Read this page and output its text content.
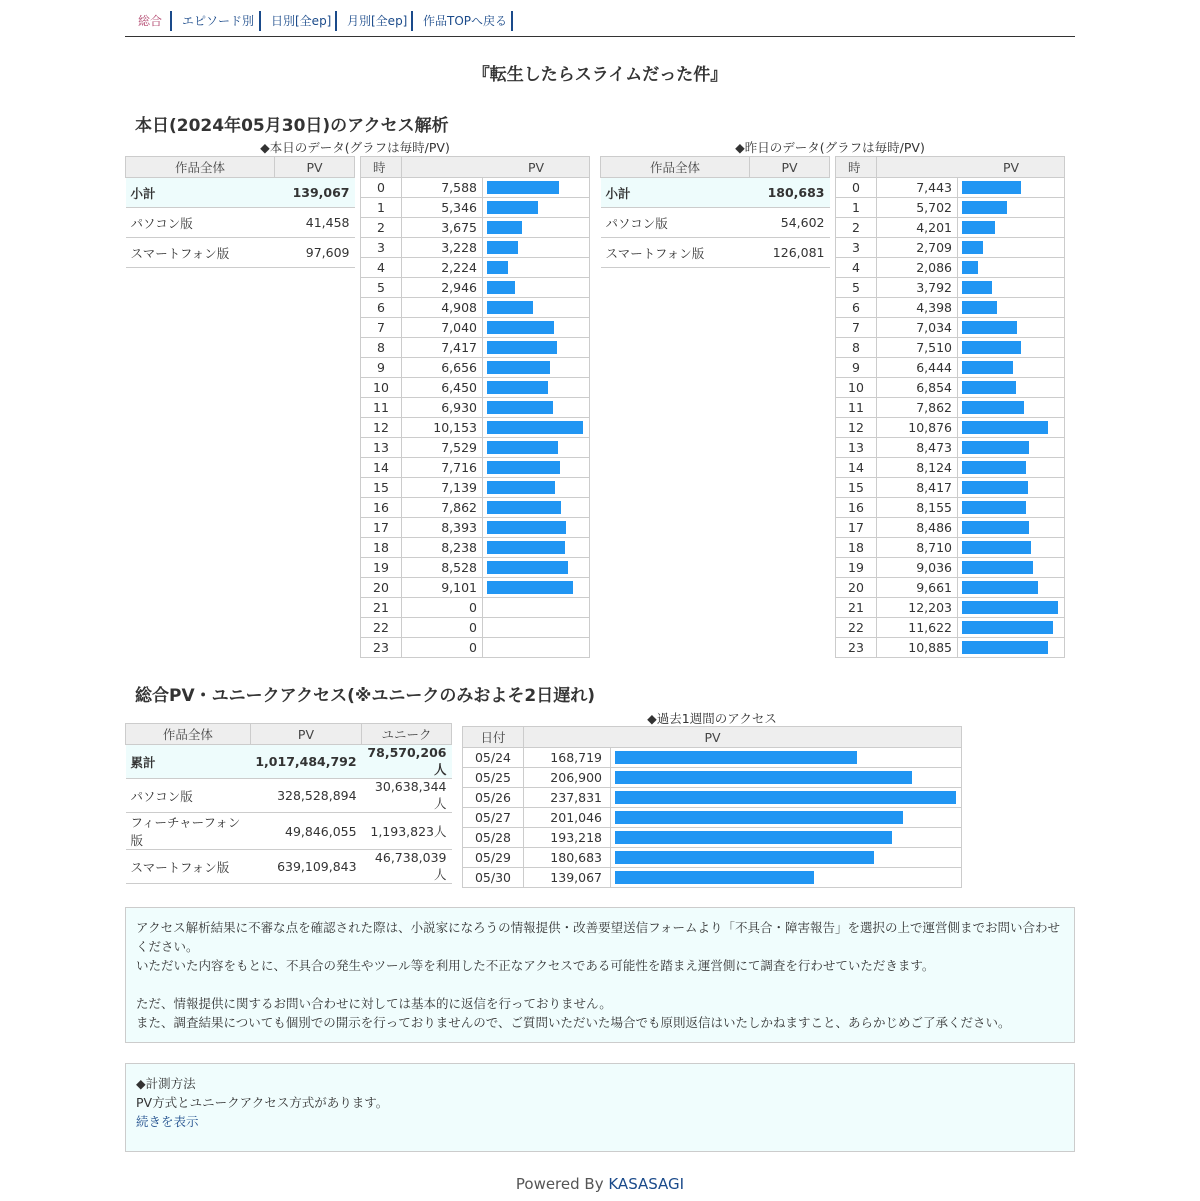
総合 エピソード別 日別[全ep] 月別[全ep] 作品TOPへ戻る
『転生したらスライムだった件』
本日(2024年05月30日)のアクセス解析
◆本日のデータ(グラフは毎時/PV)	◆昨日のデータ(グラフは毎時/PV)
作品全体	PV
小計	139,067
パソコン版	41,458
スマートフォン版	97,609
時	PV	
0	7,588	

1	5,346	

2	3,675	

3	3,228	

4	2,224	

5	2,946	

6	4,908	

7	7,040	

8	7,417	

9	6,656	

10	6,450	

11	6,930	

12	10,153	

13	7,529	

14	7,716	

15	7,139	

16	7,862	

17	8,393	

18	8,238	

19	8,528	

20	9,101	

21	0	
22	0	
23	0	
作品全体	PV
小計	180,683
パソコン版	54,602
スマートフォン版	126,081
時	PV	
0	7,443	

1	5,702	

2	4,201	

3	2,709	

4	2,086	

5	3,792	

6	4,398	

7	7,034	

8	7,510	

9	6,444	

10	6,854	

11	7,862	

12	10,876	

13	8,473	

14	8,124	

15	8,417	

16	8,155	

17	8,486	

18	8,710	

19	9,036	

20	9,661	

21	12,203	

22	11,622	

23	10,885	
総合PV・ユニークアクセス(※ユニークのみおよそ2日遅れ)
◆過去1週間のアクセス
作品全体	PV	ユニーク
累計	1,017,484,792	78,570,206人
パソコン版	328,528,894	30,638,344人
フィーチャーフォン版	49,846,055	1,193,823人
スマートフォン版	639,109,843	46,738,039人
日付	PV	
05/24	168,719	

05/25	206,900	

05/26	237,831	

05/27	201,046	

05/28	193,218	

05/29	180,683	

05/30	139,067	
アクセス解析結果に不審な点を確認された際は、小説家になろうの情報提供・改善要望送信フォームより「不具合・障害報告」を選択の上で運営側までお問い合わせください。
いただいた内容をもとに、不具合の発生やツール等を利用した不正なアクセスである可能性を踏まえ運営側にて調査を行わせていただきます。
ただ、情報提供に関するお問い合わせに対しては基本的に返信を行っておりません。
また、調査結果についても個別での開示を行っておりませんので、ご質問いただいた場合でも原則返信はいたしかねますこと、あらかじめご了承ください。
◆計測方法
PV方式とユニークアクセス方式があります。
続きを表示
Powered By KASASAGI
